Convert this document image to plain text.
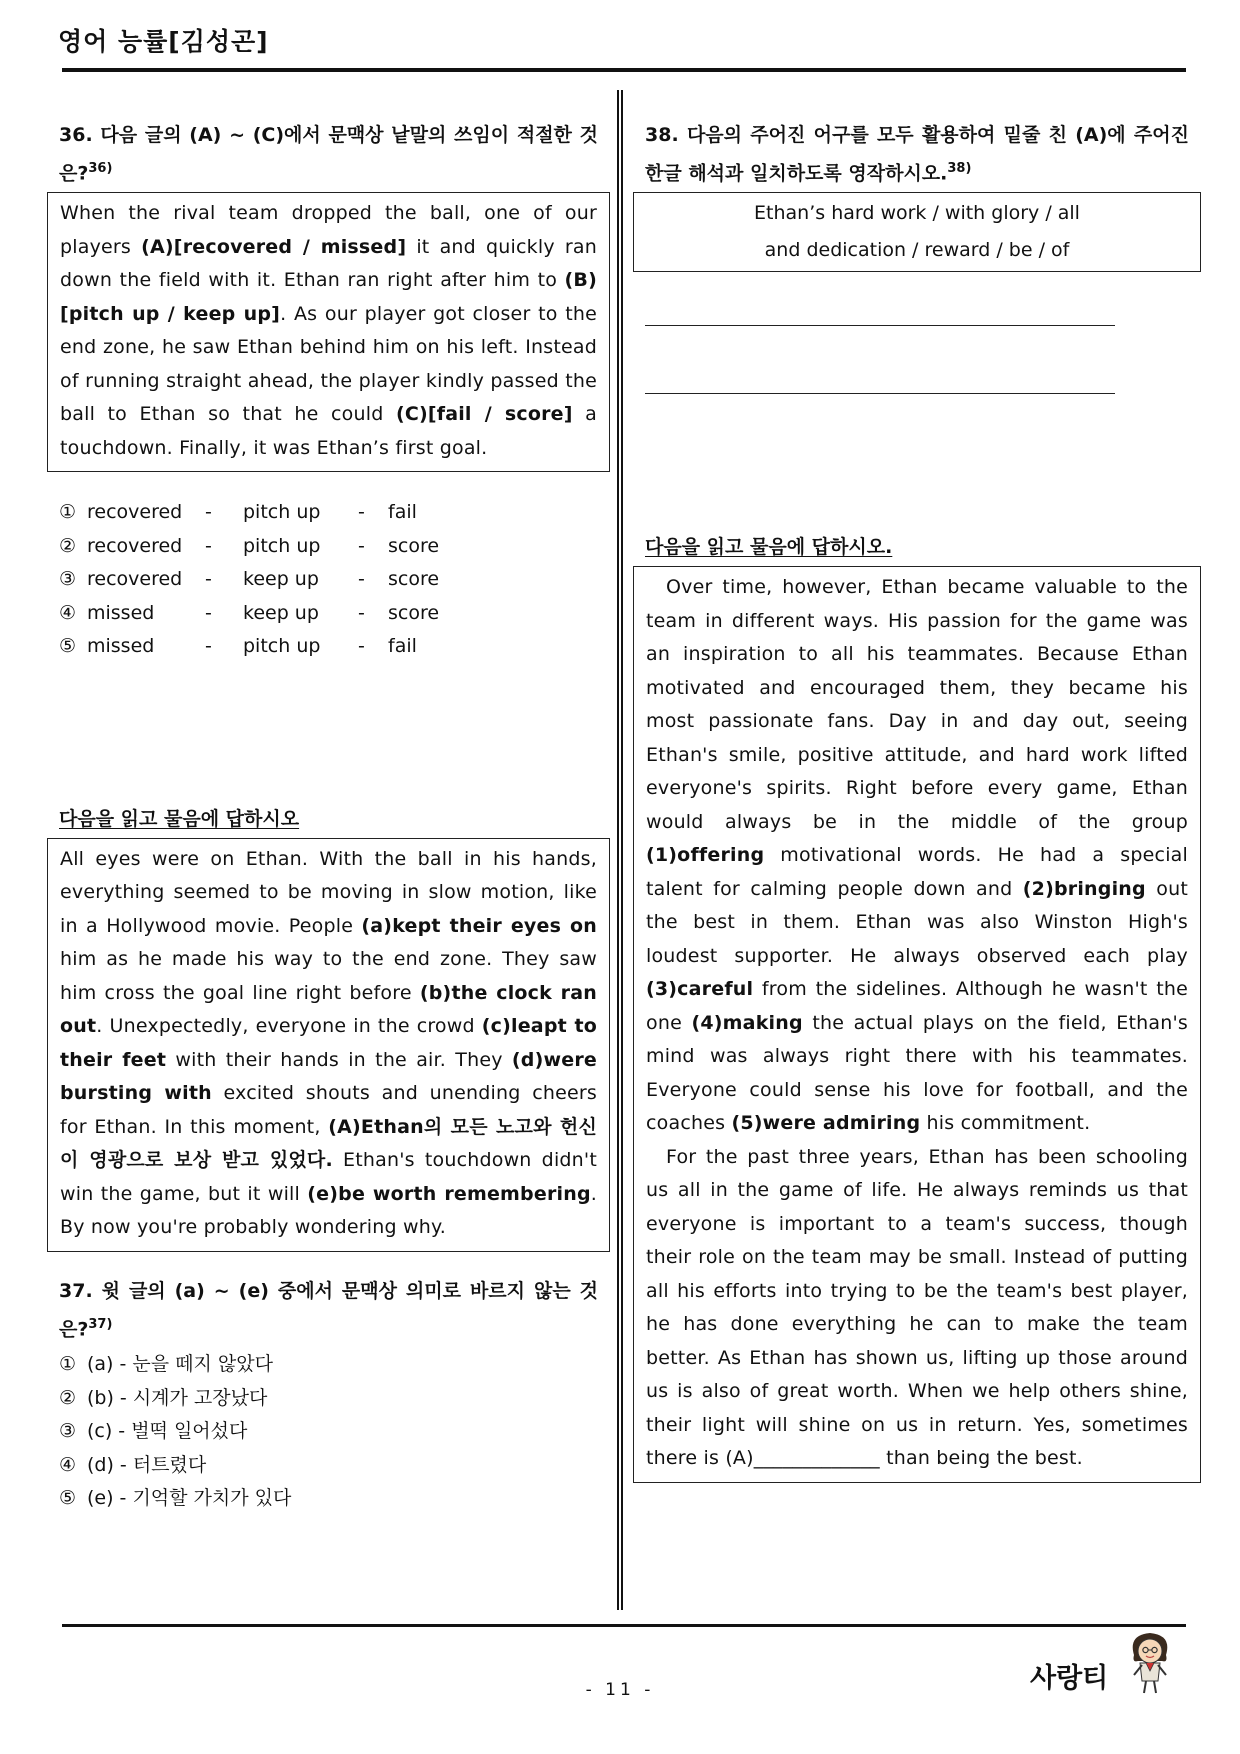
영어 능률[김성곤]
36. 다음 글의 (A) ~ (C)에서 문맥상 낱말의 쓰임이 적절한 것은?$^{36)}$
When the rival team dropped the ball, one of our players (A)[recovered / missed] it and quickly ran down the field with it. Ethan ran right after him to (B)[pitch up / keep up]. As our player got closer to the end zone, he saw Ethan behind him on his left. Instead of running straight ahead, the player kindly passed the ball to Ethan so that he could (C)[fail / score] a touchdown. Finally, it was Ethan’s first goal.
① recovered	-	pitch up	-	fail
② recovered	-	pitch up	-	score
③ recovered	-	keep up	-	score
④ missed	-	keep up	-	score
⑤ missed	-	pitch up	-	fail
다음을 읽고 물음에 답하시오
All eyes were on Ethan. With the ball in his hands, everything seemed to be moving in slow motion, like in a Hollywood movie. People (a)kept their eyes on him as he made his way to the end zone. They saw him cross the goal line right before (b)the clock ran out. Unexpectedly, everyone in the crowd (c)leapt to their feet with their hands in the air. They (d)were bursting with excited shouts and unending cheers for Ethan. In this moment, (A)Ethan의 모든 노고와 헌신이 영광으로 보상 받고 있었다. Ethan's touchdown didn't win the game, but it will (e)be worth remembering. By now you're probably wondering why.
37. 윗 글의 (a) ~ (e) 중에서 문맥상 의미로 바르지 않는 것은?$^{37)}$
① (a) - 눈을 떼지 않았다
② (b) - 시계가 고장났다
③ (c) - 벌떡 일어섰다
④ (d) - 터트렸다
⑤ (e) - 기억할 가치가 있다
38. 다음의 주어진 어구를 모두 활용하여 밑줄 친 (A)에 주어진 한글 해석과 일치하도록 영작하시오.$^{38)}$
Ethan’s hard work / with glory / all
and dedication / reward / be / of
다음을 읽고 물음에 답하시오.

Over time, however, Ethan became valuable to the team in different ways. His passion for the game was an inspiration to all his teammates. Because Ethan motivated and encouraged them, they became his most passionate fans. Day in and day out, seeing Ethan's smile, positive attitude, and hard work lifted everyone's spirits. Right before every game, Ethan would always be in the middle of the group (1)offering motivational words. He had a special talent for calming people down and (2)bringing out the best in them. Ethan was also Winston High's loudest supporter. He always observed each play (3)careful from the sidelines. Although he wasn't the one (4)making the actual plays on the field, Ethan's mind was always right there with his teammates. Everyone could sense his love for football, and the coaches (5)were admiring his commitment.

For the past three years, Ethan has been schooling us all in the game of life. He always reminds us that everyone is important to a team's success, though their role on the team may be small. Instead of putting all his efforts into trying to be the team's best player, he has done everything he can to make the team better. As Ethan has shown us, lifting up those around us is also of great worth. When we help others shine, their light will shine on us in return. Yes, sometimes there is (A)_____________ than being the best.

- 11 -	사랑티
